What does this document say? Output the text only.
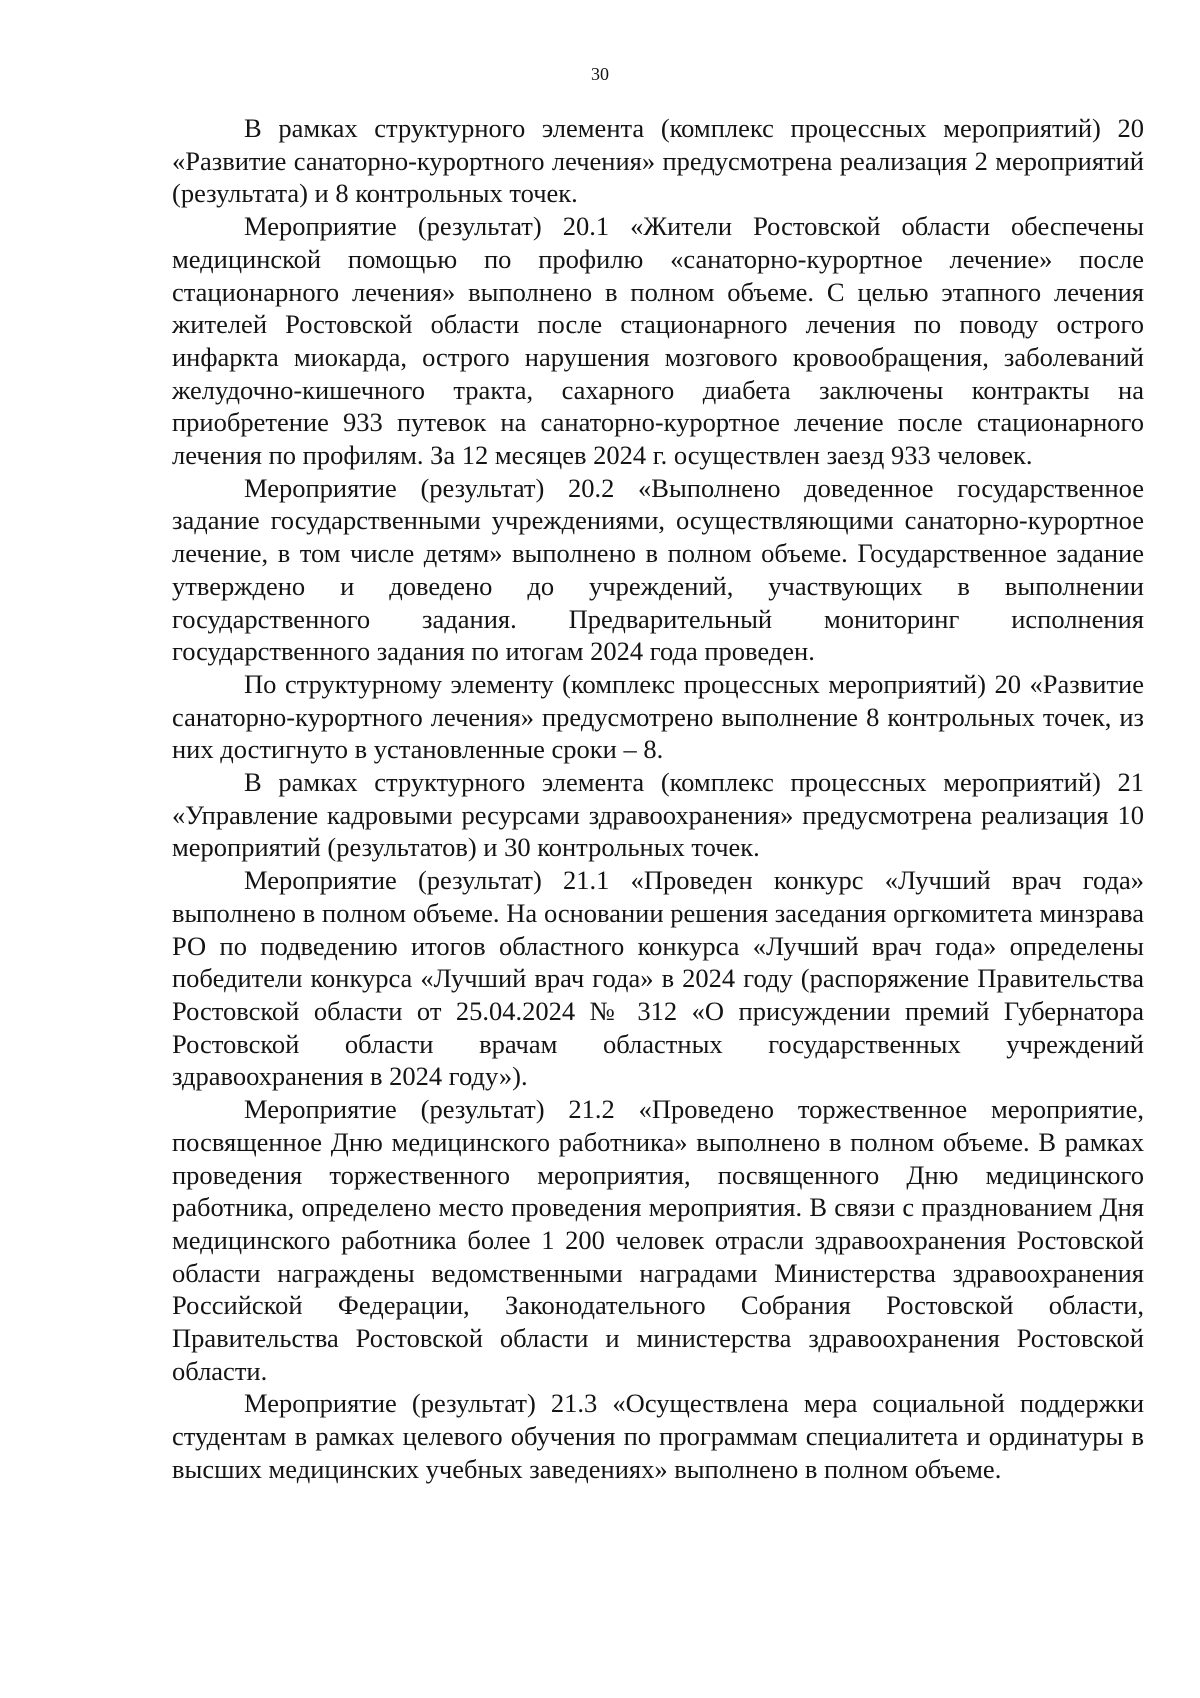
30

В рамках структурного элемента (комплекс процессных мероприятий) 20 «Развитие санаторно-курортного лечения» предусмотрена реализация 2 мероприятий (результата) и 8 контрольных точек.

Мероприятие (результат) 20.1 «Жители Ростовской области обеспечены медицинской помощью по профилю «санаторно-курортное лечение» после стационарного лечения» выполнено в полном объеме. С целью этапного лечения жителей Ростовской области после стационарного лечения по поводу острого инфаркта миокарда, острого нарушения мозгового кровообращения, заболеваний желудочно-кишечного тракта, сахарного диабета заключены контракты на приобретение 933 путевок на санаторно-курортное лечение после стационарного лечения по профилям. За 12 месяцев 2024 г. осуществлен заезд 933 человек.

Мероприятие (результат) 20.2 «Выполнено доведенное государственное задание государственными учреждениями, осуществляющими санаторно-курортное лечение, в том числе детям» выполнено в полном объеме. Государственное задание утверждено и доведено до учреждений, участвующих в выполнении государственного задания. Предварительный мониторинг исполнения государственного задания по итогам 2024 года проведен.

По структурному элементу (комплекс процессных мероприятий) 20 «Развитие санаторно-курортного лечения» предусмотрено выполнение 8 контрольных точек, из них достигнуто в установленные сроки – 8.

В рамках структурного элемента (комплекс процессных мероприятий) 21 «Управление кадровыми ресурсами здравоохранения» предусмотрена реализация 10 мероприятий (результатов) и 30 контрольных точек.

Мероприятие (результат) 21.1 «Проведен конкурс «Лучший врач года» выполнено в полном объеме. На основании решения заседания оргкомитета минзрава РО по подведению итогов областного конкурса «Лучший врач года» определены победители конкурса «Лучший врач года» в 2024 году (распоряжение Правительства Ростовской области от 25.04.2024 № 312 «О присуждении премий Губернатора Ростовской области врачам областных государственных учреждений здравоохранения в 2024 году»).

Мероприятие (результат) 21.2 «Проведено торжественное мероприятие, посвященное Дню медицинского работника» выполнено в полном объеме. В рамках проведения торжественного мероприятия, посвященного Дню медицинского работника, определено место проведения мероприятия. В связи с празднованием Дня медицинского работника более 1 200 человек отрасли здравоохранения Ростовской области награждены ведомственными наградами Министерства здравоохранения Российской Федерации, Законодательного Собрания Ростовской области, Правительства Ростовской области и министерства здравоохранения Ростовской области.

Мероприятие (результат) 21.3 «Осуществлена мера социальной поддержки студентам в рамках целевого обучения по программам специалитета и ординатуры в высших медицинских учебных заведениях» выполнено в полном объеме.
